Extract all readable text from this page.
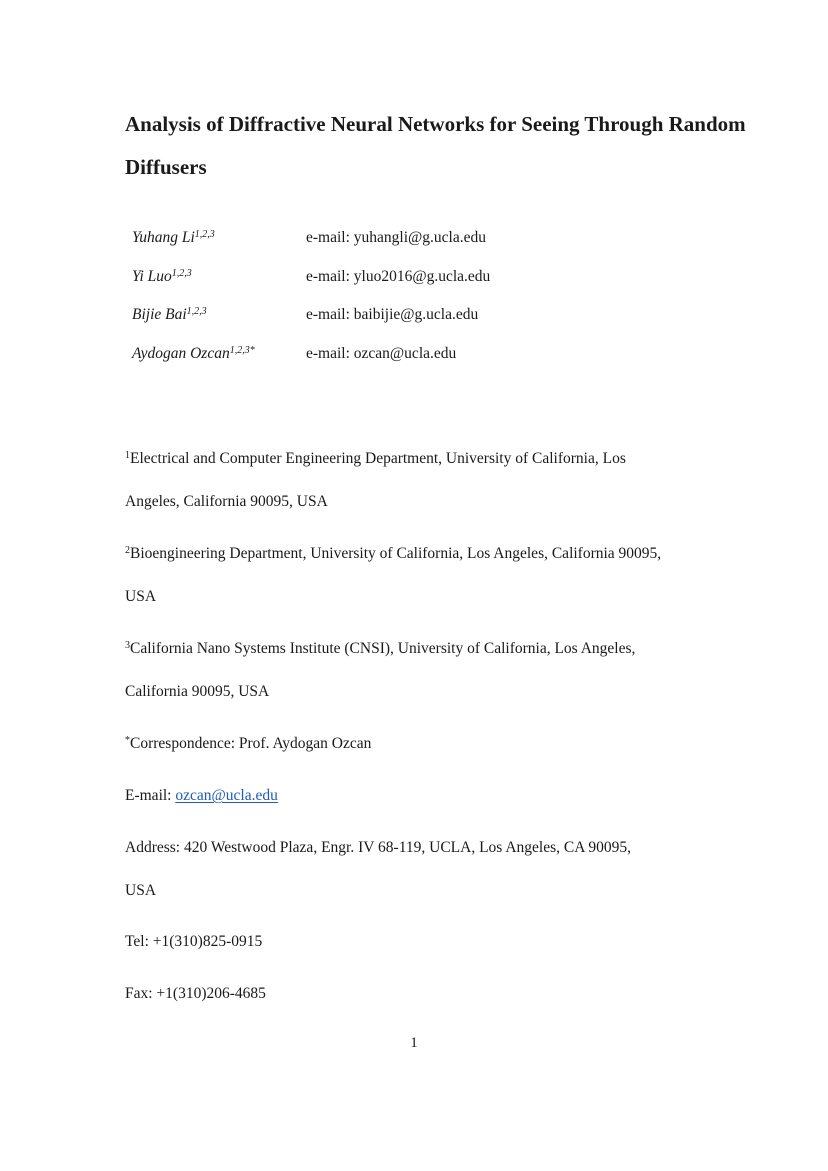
Analysis of Diffractive Neural Networks for Seeing Through Random Diffusers
Yuhang Li$^{1,2,3}$	e-mail: yuhangli@g.ucla.edu
Yi Luo$^{1,2,3}$	e-mail: yluo2016@g.ucla.edu
Bijie Bai$^{1,2,3}$	e-mail: baibijie@g.ucla.edu
Aydogan Ozcan$^{1,2,3*}$	e-mail: ozcan@ucla.edu

$^1$Electrical and Computer Engineering Department, University of California, Los
Angeles, California 90095, USA

$^2$Bioengineering Department, University of California, Los Angeles, California 90095,
USA

$^3$California Nano Systems Institute (CNSI), University of California, Los Angeles,
California 90095, USA

*Correspondence: Prof. Aydogan Ozcan

E-mail: ozcan@ucla.edu

Address: 420 Westwood Plaza, Engr. IV 68-119, UCLA, Los Angeles, CA 90095,
USA

Tel: +1(310)825-0915

Fax: +1(310)206-4685

1
